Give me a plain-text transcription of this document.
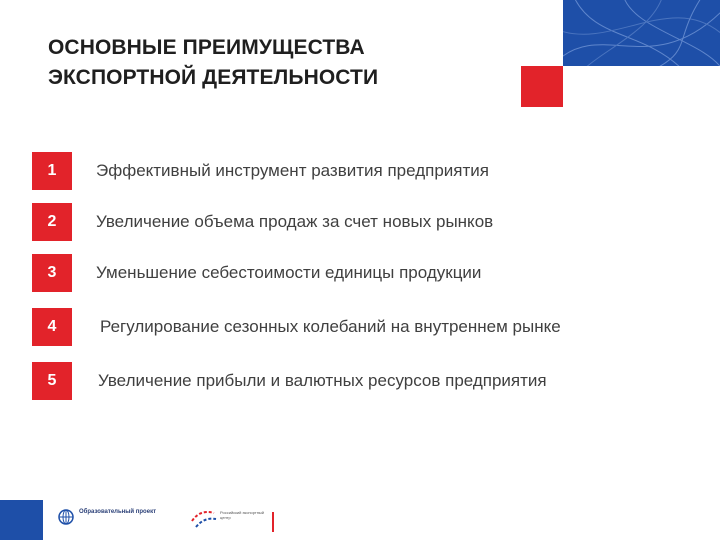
ОСНОВНЫЕ ПРЕИМУЩЕСТВА
ЭКСПОРТНОЙ ДЕЯТЕЛЬНОСТИ
1	Эффективный инструмент развития предприятия
2	Увеличение объема продаж за счет новых рынков
3	Уменьшение себестоимости единицы продукции
4	Регулирование сезонных колебаний на внутреннем рынке
5	Увеличение прибыли и валютных ресурсов предприятия
Образовательный проект	Российский экспортный центр
